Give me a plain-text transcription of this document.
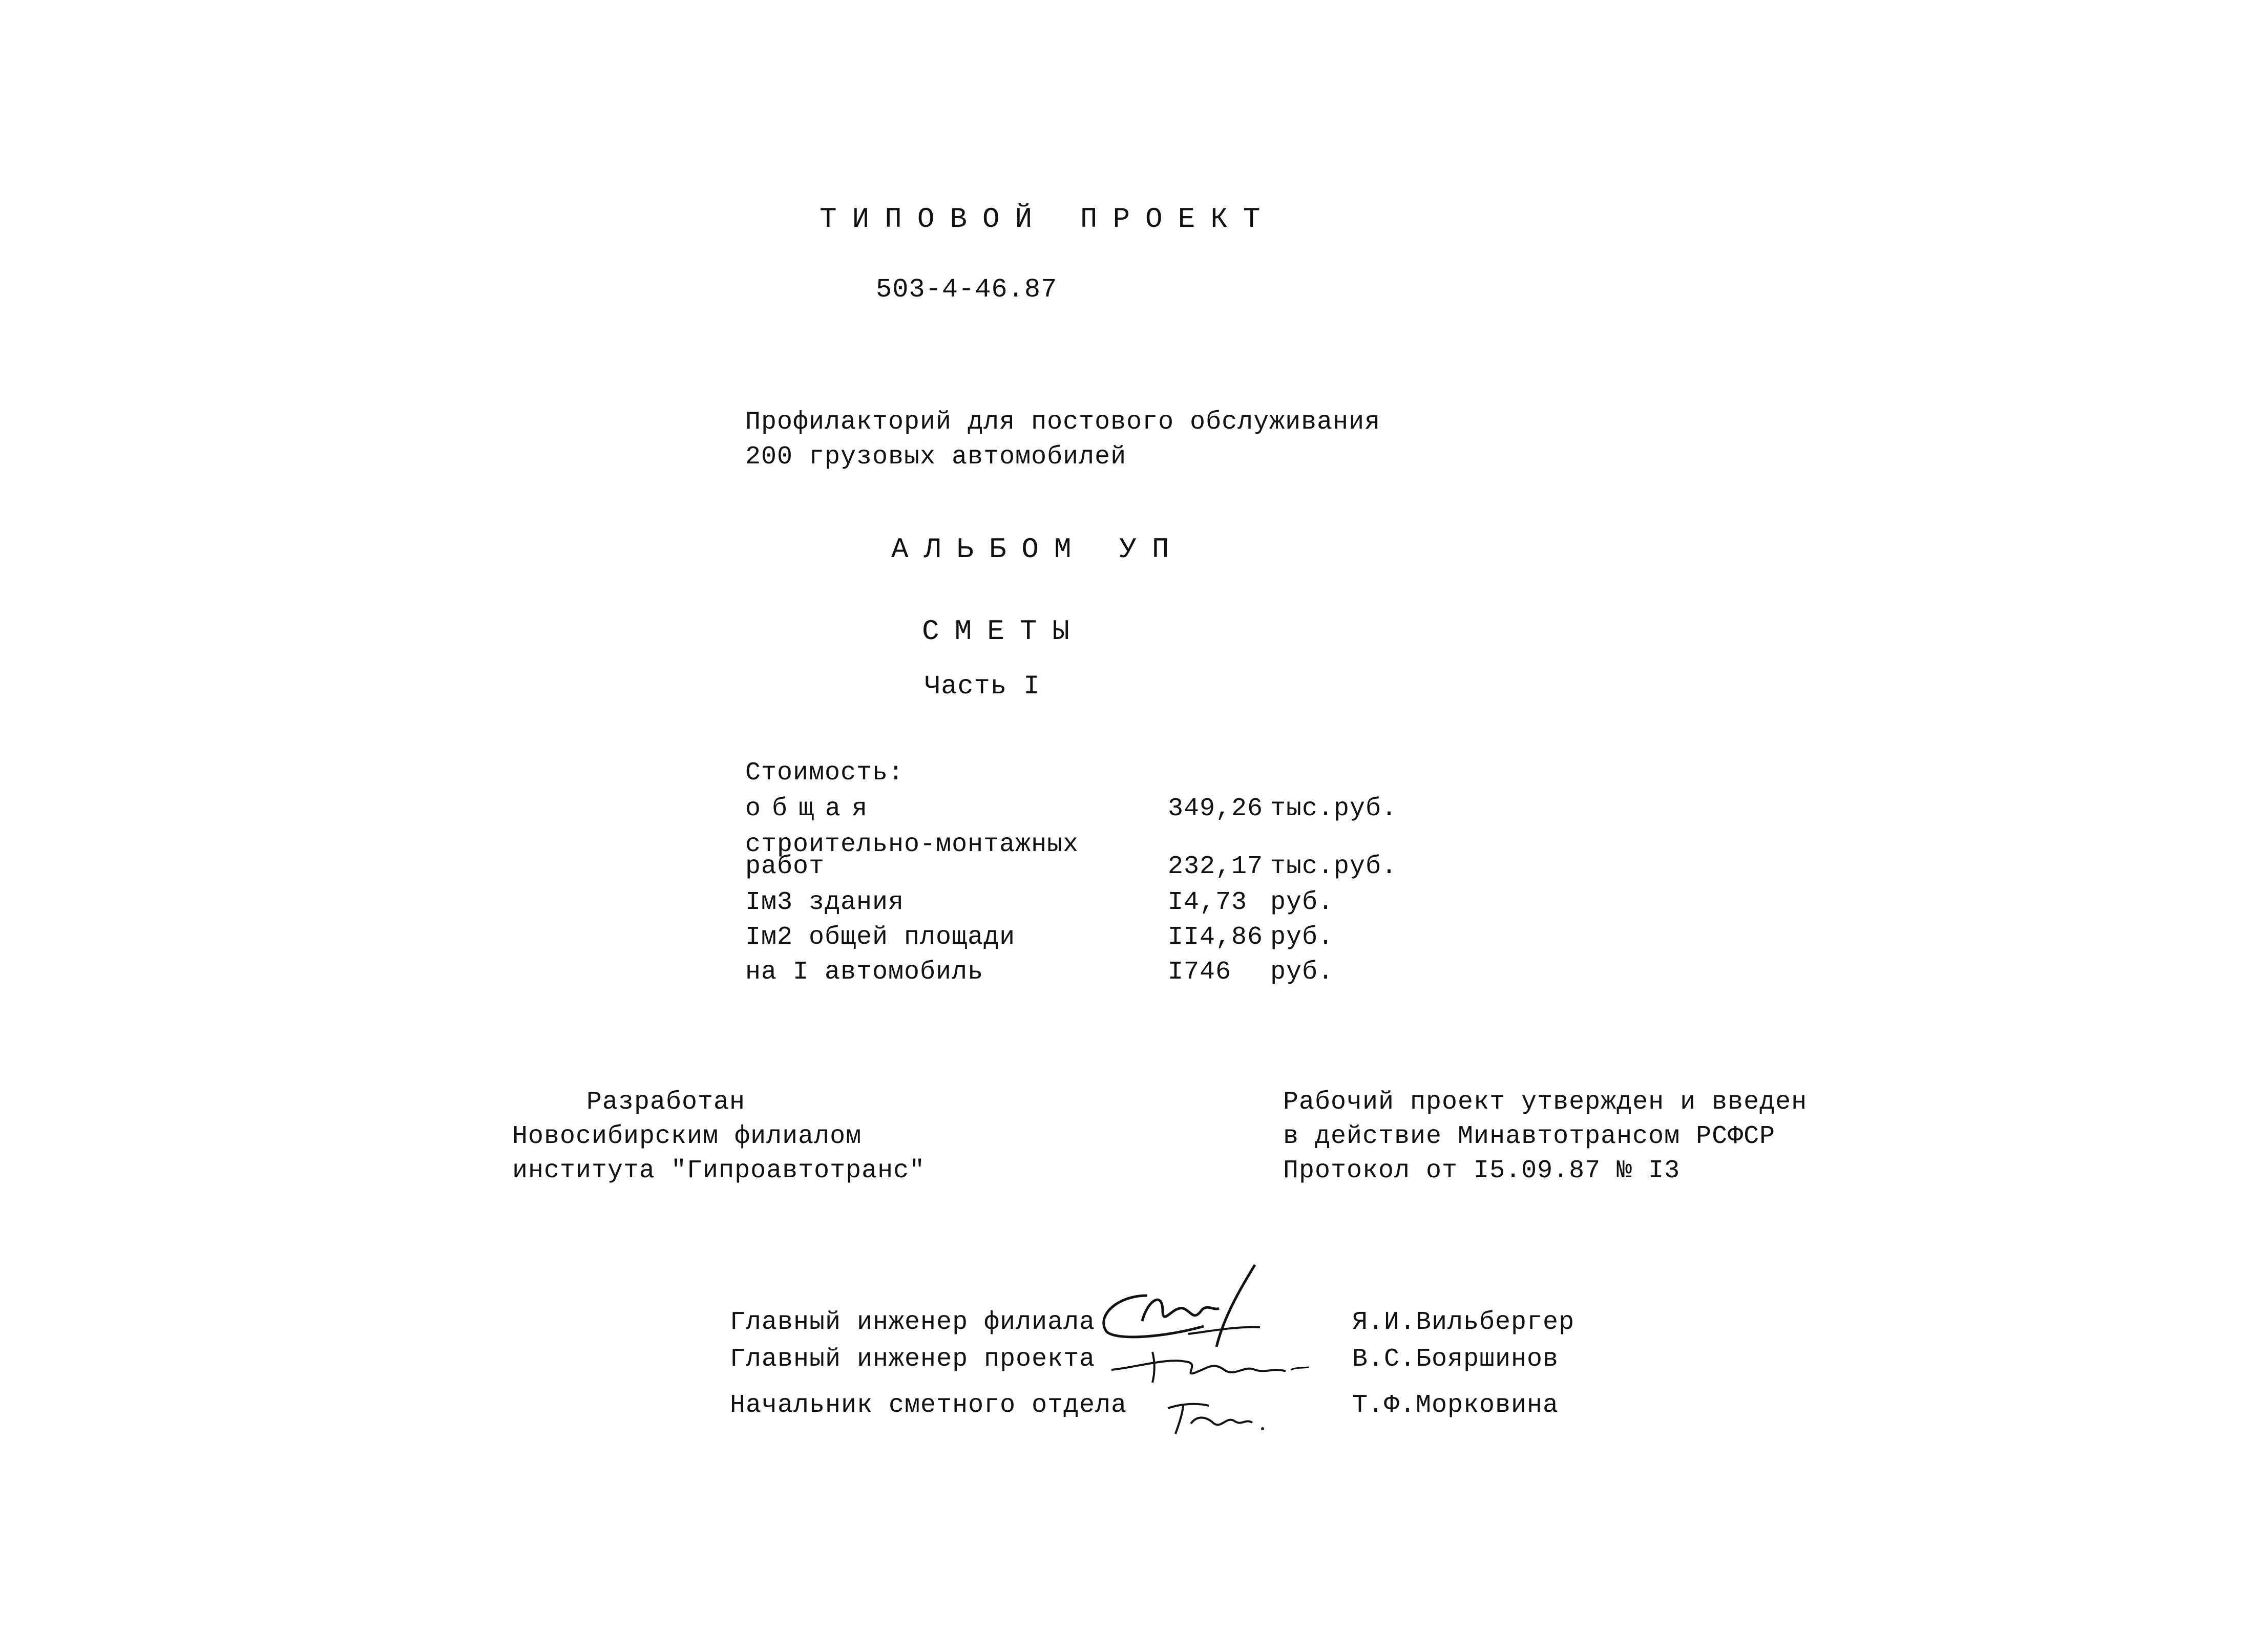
ТИПОВОЙ ПРОЕКТ
503-4-46.87
Профилакторий для постового обслуживания
200 грузовых автомобилей
АЛЬБОМ УП
СМЕТЫ
Часть I
Стоимость:
общая	349,26 тыс.руб.
строительно-монтажных
работ	232,17 тыс.руб.
Iм3 здания	I4,73 руб.
Iм2 общей площади	II4,86 руб.
на I автомобиль	I746 руб.
Разработан
Новосибирским филиалом
института "Гипроавтотранс"
Рабочий проект утвержден и введен
в действие Минавтотрансом РСФСР
Протокол от I5.09.87 № I3
Главный инженер филиала	Я.И.Вильбергер
Главный инженер проекта	В.С.Бояршинов
Начальник сметного отдела	Т.Ф.Морковина
